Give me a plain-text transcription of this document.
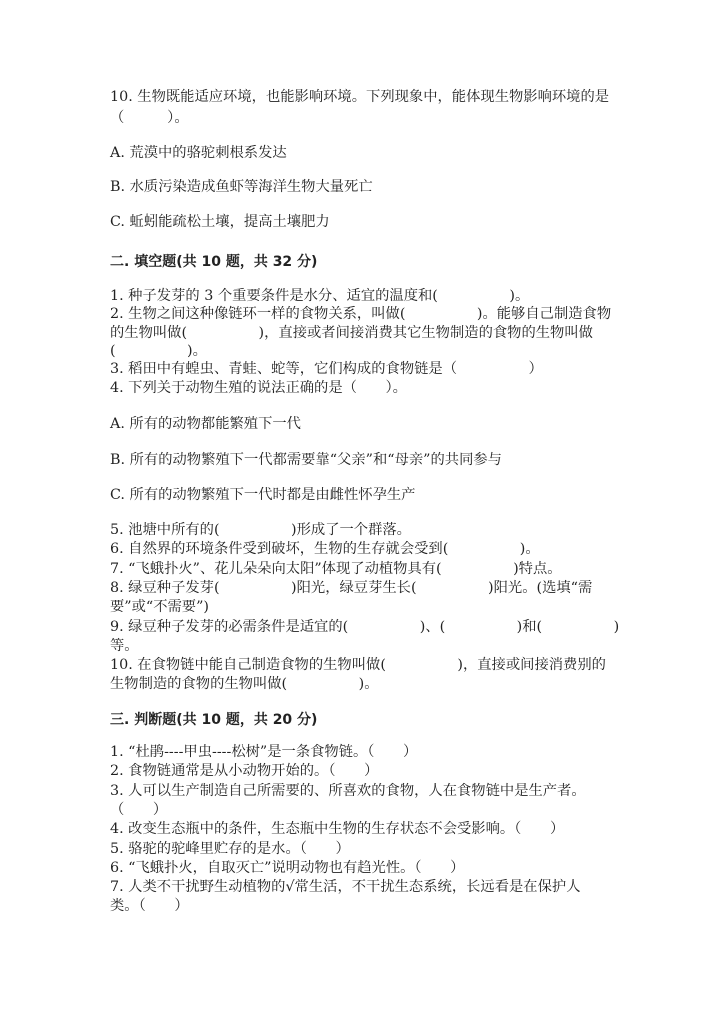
10. 生物既能适应环境，也能影响环境。下列现象中，能体现生物影响环境的是
（　　　）。
A. 荒漠中的骆驼刺根系发达
B. 水质污染造成鱼虾等海洋生物大量死亡
C. 蚯蚓能疏松土壤，提高土壤肥力
二. 填空题(共 10 题，共 32 分)
1. 种子发芽的 3 个重要条件是水分、适宜的温度和(　　　　　)。
2. 生物之间这种像链环一样的食物关系，叫做(　　　　　)。能够自己制造食物
的生物叫做(　　　　　)，直接或者间接消费其它生物制造的食物的生物叫做
(　　　　　)。
3. 稻田中有蝗虫、青蛙、蛇等，它们构成的食物链是（　　　　　）
4. 下列关于动物生殖的说法正确的是（　　）。
A. 所有的动物都能繁殖下一代
B. 所有的动物繁殖下一代都需要靠“父亲”和“母亲”的共同参与
C. 所有的动物繁殖下一代时都是由雌性怀孕生产
5. 池塘中所有的(　　　　　)形成了一个群落。
6. 自然界的环境条件受到破坏，生物的生存就会受到(　　　　　)。
7. “飞蛾扑火”、花儿朵朵向太阳”体现了动植物具有(　　　　　)特点。
8. 绿豆种子发芽(　　　　　)阳光，绿豆芽生长(　　　　　)阳光。(选填“需
要”或“不需要”)
9. 绿豆种子发芽的必需条件是适宜的(　　　　　)、(　　　　　)和(　　　　　)
等。
10. 在食物链中能自己制造食物的生物叫做(　　　　　)，直接或间接消费别的
生物制造的食物的生物叫做(　　　　　)。
三. 判断题(共 10 题，共 20 分)
1. “杜鹃----甲虫----松树”是一条食物链。（　　）
2. 食物链通常是从小动物开始的。（　　）
3. 人可以生产制造自己所需要的、所喜欢的食物，人在食物链中是生产者。
（　　）
4. 改变生态瓶中的条件，生态瓶中生物的生存状态不会受影响。（　　）
5. 骆驼的驼峰里贮存的是水。（　　）
6. “飞蛾扑火，自取灭亡”说明动物也有趋光性。（　　）
7. 人类不干扰野生动植物的√常生活，不干扰生态系统，长远看是在保护人
类。（　　）
